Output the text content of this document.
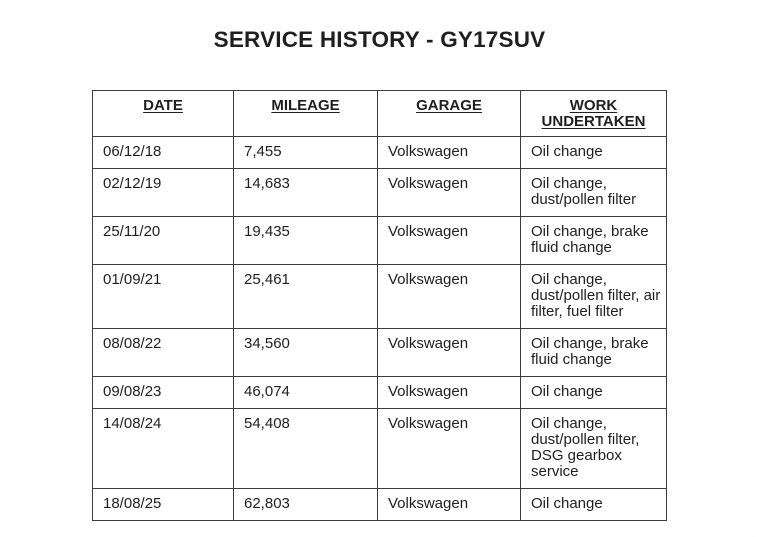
SERVICE HISTORY - GY17SUV
DATE	MILEAGE	GARAGE	WORK UNDERTAKEN
06/12/18	7,455	Volkswagen	Oil change
02/12/19	14,683	Volkswagen	Oil change, dust/pollen filter
25/11/20	19,435	Volkswagen	Oil change, brake fluid change
01/09/21	25,461	Volkswagen	Oil change, dust/pollen filter, air filter, fuel filter
08/08/22	34,560	Volkswagen	Oil change, brake fluid change
09/08/23	46,074	Volkswagen	Oil change
14/08/24	54,408	Volkswagen	Oil change, dust/pollen filter, DSG gearbox service
18/08/25	62,803	Volkswagen	Oil change
